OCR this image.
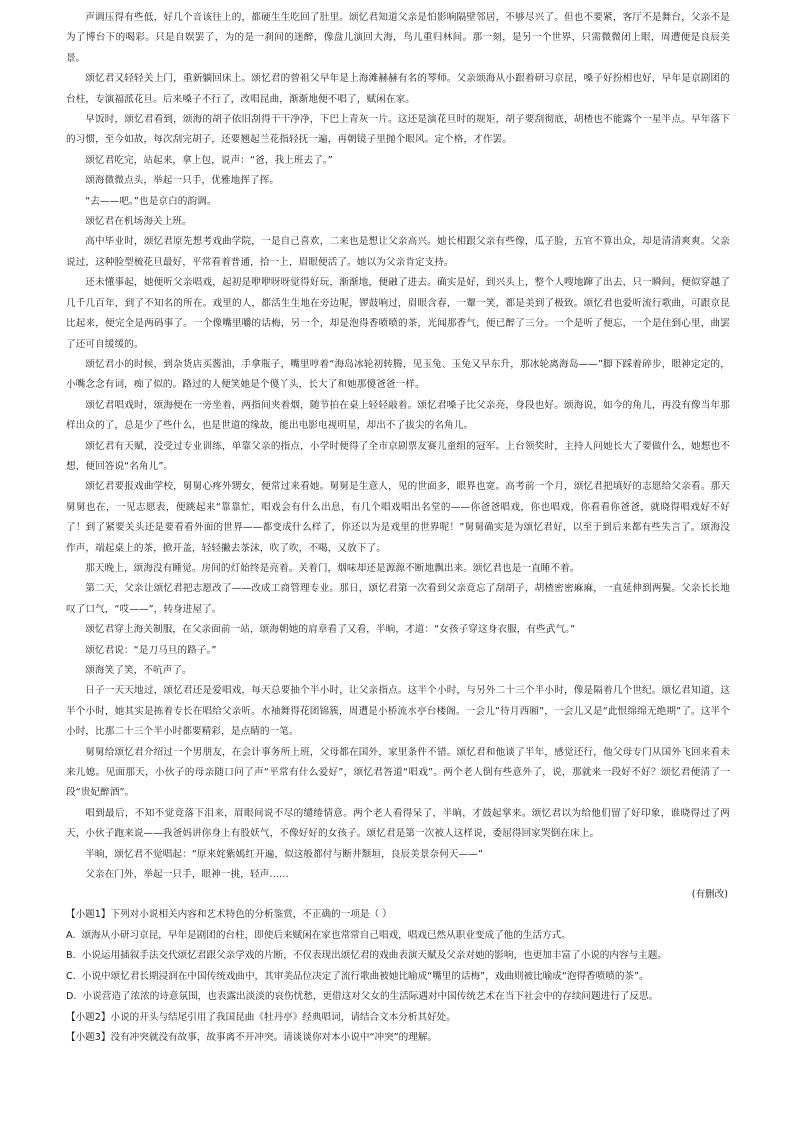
声调压得有些低，好几个音该往上的，都硬生生吃回了肚里。颂忆君知道父亲是怕影响隔壁邻居，不够尽兴了。但也不要紧，客厅不是舞台，父亲不是为了博台下的喝彩。只是自娱罢了，为的是一刹间的迷醉，像盘儿演回大海，鸟儿重归林间。那一刻，是另一个世界，只需微微闭上眼，周遭便是良辰美景。

颂忆君又轻轻关上门，重新躺回床上。颂忆君的曾祖父早年是上海滩赫赫有名的琴师。父亲颂海从小跟着研习京昆，嗓子好扮相也好，早年是京剧团的台柱，专演福派花旦。后来嗓子不行了，改唱昆曲，渐渐地便不唱了，赋闲在家。

早饭时，颂忆君看到，颂海的胡子依旧刮得干干净净，下巴上青灰一片。这还是演花旦时的规矩，胡子要刮彻底，胡楂也不能露个一星半点。早年落下的习惯，至今如故，每次刮完胡子，还要翘起兰花指轻抚一遍，再朝镜子里抛个眼风。定个格，才作罢。

颂忆君吃完，站起来，拿上包，说声：“爸，我上班去了。”

颂海微微点头，举起一只手，优雅地挥了挥。

“去——吧。”也是京白的韵调。

颂忆君在机场海关上班。

高中毕业时，颂忆君原先想考戏曲学院，一是自己喜欢，二来也是想让父亲高兴。她长相跟父亲有些像，瓜子脸，五官不算出众，却是清清爽爽。父亲说过，这种脸型梳花旦最好，平常看着普通，拾一上，眉眼便活了。她以为父亲肯定支持。

还未懂事起，她便听父亲唱戏，起初是咿咿呀呀觉得好玩，渐渐地，便融了进去。确实是好，到兴头上，整个人嗖地蹿了出去，只一瞬间，便似穿越了几千几百年，到了不知名的所在。戏里的人，都活生生地在旁边呢，锣鼓响过，眉眼含春，一颦一笑，都是美到了极致。颂忆君也爱听流行歌曲，可跟京昆比起来，便完全是两码事了。一个像嘴里嚼的话梅，另一个，却是泡得香喷喷的茶，光闻那香气，便已醉了三分。一个是听了便忘，一个是住到心里，曲罢了还可自缓缓的。

颂忆君小的时候，到杂货店买酱油，手拿瓶子，嘴里哼着“海岛冰轮初转腾，见玉兔、玉兔又早东升，那冰轮离海岛——”脚下踩着碎步，眼神定定的，小嘴念念有词，痴了似的。路过的人便笑她是个傻丫头，长大了和她那傻爸爸一样。

颂忆君唱戏时，颂海便在一旁坐着，两指间夹着烟，随节拍在桌上轻轻敲着。颂忆君嗓子比父亲亮，身段也好。颂海说，如今的角儿，再没有像当年那样出众的了，总是少了些什么，也是世道的缘故，能出电影电视明星，却出不了拔尖的名角儿。

颂忆君有天赋，没受过专业训练，单靠父亲的指点，小学时便得了全市京剧票友赛儿童组的冠军。上台领奖时，主持人问她长大了要做什么，她想也不想，便回答说“名角儿”。

颂忆君要报戏曲学校，舅舅心疼外甥女，便常过来看她。舅舅是生意人，见的世面多，眼界也宽。高考前一个月，颂忆君把填好的志愿给父亲看。那天舅舅也在，一见志愿表，便跳起来“靠靠忙，唱戏会有什么出息，有几个唱戏唱出名堂的——你爸爸唱戏，你也唱戏，你看看你爸爸，就晓得唱戏好不好了！到了紧要关头还是要看看外面的世界——都变成什么样了，你还以为是戏里的世界呢！”舅舅确实是为颂忆君好，以至于到后来都有些失言了。颂海没作声，端起桌上的茶，掀开盖，轻轻撇去茶沫，吹了吹，不喝，又放下了。

那天晚上，颂海没有睡觉。房间的灯始终是亮着。关着门，烟味却还是源源不断地飘出来。颂忆君也是一直睡不着。

第二天，父亲让颂忆君把志愿改了——改成工商管理专业。那日，颂忆君第一次看到父亲竟忘了刮胡子，胡楂密密麻麻，一直延伸到两鬓。父亲长长地叹了口气，“哎——”，转身进屋了。

颂忆君穿上海关制服，在父亲面前一站，颂海朝她的肩章看了又看，半晌，才道：“女孩子穿这身衣服，有些武气。”

颂忆君说：“是刀马旦的路子。”

颂海笑了笑，不吭声了。

日子一天天地过，颂忆君还是爱唱戏，每天总要抽个半小时，让父亲指点。这半个小时，与另外二十三个半小时，像是隔着几个世纪。颂忆君知道，这半个小时，她其实是拣着专长在唱给父亲听。水袖舞得花团锦簇，周遭是小桥流水亭台楼阁。一会儿“待月西厢”，一会儿又是“此恨绵绵无绝期”了。这半个小时，比那二十三个半小时都要精彩，是点睛的一笔。

舅舅给颂忆君介绍过一个男朋友，在会计事务所上班，父母都在国外，家里条件不错。颂忆君和他谈了半年，感觉还行，他父母专门从国外飞回来看未来儿媳。见面那天，小伙子的母亲随口问了声“平常有什么爱好”，颂忆君答道“唱戏”。两个老人倒有些意外了，说，那就来一段好不好？颂忆君便清了一段“贵妃醉酒”。

唱到最后，不知不觉竟落下泪来，眉眼间说不尽的缱绻情意。两个老人看得呆了，半晌，才鼓起掌来。颂忆君以为给他们留了好印象，谁晓得过了两天，小伙子跑来说——我爸妈讲你身上有股妖气，不像好好的女孩子。颂忆君是第一次被人这样说，委屈得回家哭倒在床上。

半晌，颂忆君不觉唱起：“原来姹紫嫣红开遍，似这般都付与断井颓垣，良辰美景奈何天——”

父亲在门外，举起一只手，眼神一挑，轻声……

(有删改)

【小题1】下列对小说相关内容和艺术特色的分析鉴赏，不正确的一项是（ ）

A. 颂海从小研习京昆，早年是剧团的台柱，即使后来赋闲在家也常常自己唱戏，唱戏已然从职业变成了他的生活方式。

B. 小说运用插叙手法交代颂忆君跟父亲学戏的片断，不仅表现出颂忆君的戏曲表演天赋及父亲对她的影响，也更加丰富了小说的内容与主题。

C. 小说中颂忆君长期浸润在中国传统戏曲中，其审美品位决定了流行歌曲被她比喻成“嘴里的话梅”，戏曲则被比喻成“泡得香喷喷的茶”。

D. 小说营造了浓浓的诗意氛围，也表露出淡淡的哀伤忧愁，更借这对父女的生活际遇对中国传统艺术在当下社会中的存续问题进行了反思。

【小题2】小说的开头与结尾引用了我国昆曲《牡丹亭》经典唱词，请结合文本分析其好处。

【小题3】没有冲突就没有故事，故事离不开冲突。请谈谈你对本小说中“冲突”的理解。
